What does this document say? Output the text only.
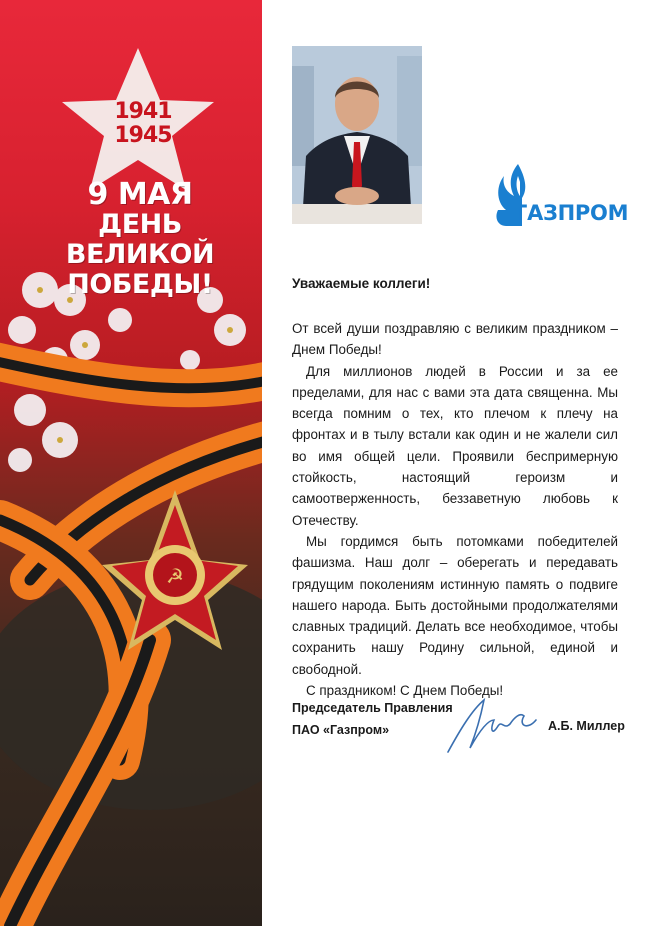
☭
1941
1945
9 МАЯ
ДЕНЬ ВЕЛИКОЙ
ПОБЕДЫ!
ГАЗПРОМ
Уважаемые коллеги!

От всей души поздравляю с великим праздником – Днем Победы!

Для миллионов людей в России и за ее пределами, для нас с вами эта дата священна. Мы всегда помним о тех, кто плечом к плечу на фронтах и в тылу встали как один и не жалели сил во имя общей цели. Проявили беспримерную стойкость, настоящий героизм и самоотверженность, беззаветную любовь к Отечеству.

Мы гордимся быть потомками победителей фашизма. Наш долг – оберегать и передавать грядущим поколениям истинную память о подвиге нашего народа. Быть достойными продолжателями славных традиций. Делать все необходимое, чтобы сохранить нашу Родину сильной, единой и свободной.

С праздником! С Днем Победы!

Председатель Правления
ПАО «Газпром»	А.Б. Миллер
